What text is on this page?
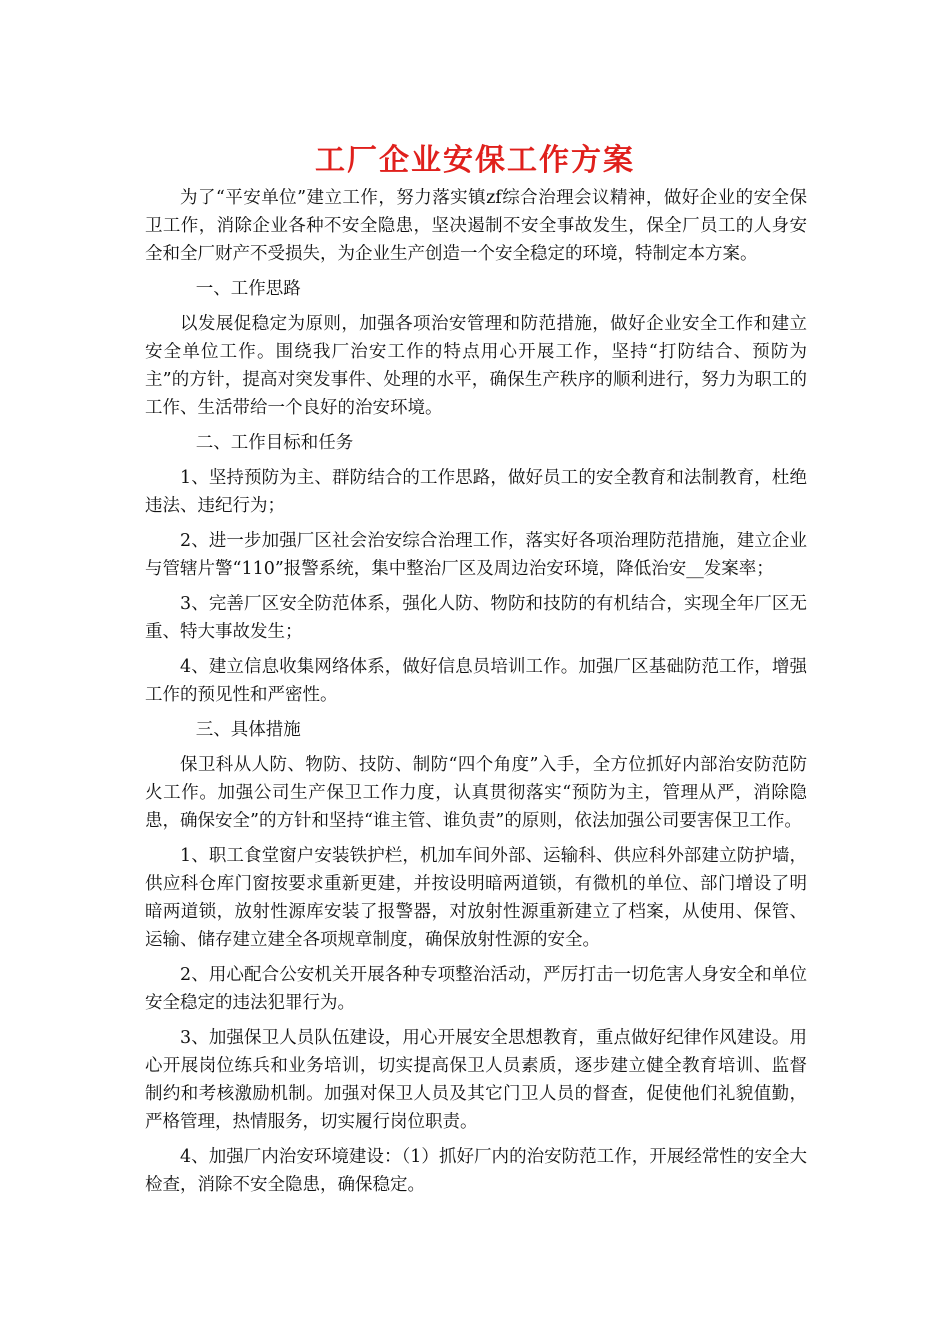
工厂企业安保工作方案

为了“平安单位”建立工作，努力落实镇zf综合治理会议精神，做好企业的安全保卫工作，消除企业各种不安全隐患，坚决遏制不安全事故发生，保全厂员工的人身安全和全厂财产不受损失，为企业生产创造一个安全稳定的环境，特制定本方案。

一、工作思路

以发展促稳定为原则，加强各项治安管理和防范措施，做好企业安全工作和建立安全单位工作。围绕我厂治安工作的特点用心开展工作，坚持“打防结合、预防为主”的方针，提高对突发事件、处理的水平，确保生产秩序的顺利进行，努力为职工的工作、生活带给一个良好的治安环境。

二、工作目标和任务

1、坚持预防为主、群防结合的工作思路，做好员工的安全教育和法制教育，杜绝违法、违纪行为；

2、进一步加强厂区社会治安综合治理工作，落实好各项治理防范措施，建立企业与管辖片警“110”报警系统，集中整治厂区及周边治安环境，降低治安__发案率；

3、完善厂区安全防范体系，强化人防、物防和技防的有机结合，实现全年厂区无重、特大事故发生；

4、建立信息收集网络体系，做好信息员培训工作。加强厂区基础防范工作，增强工作的预见性和严密性。

三、具体措施

保卫科从人防、物防、技防、制防“四个角度”入手，全方位抓好内部治安防范防火工作。加强公司生产保卫工作力度，认真贯彻落实“预防为主，管理从严，消除隐患，确保安全”的方针和坚持“谁主管、谁负责”的原则，依法加强公司要害保卫工作。

1、职工食堂窗户安装铁护栏，机加车间外部、运输科、供应科外部建立防护墙，供应科仓库门窗按要求重新更建，并按设明暗两道锁，有微机的单位、部门增设了明暗两道锁，放射性源库安装了报警器，对放射性源重新建立了档案，从使用、保管、运输、储存建立建全各项规章制度，确保放射性源的安全。

2、用心配合公安机关开展各种专项整治活动，严厉打击一切危害人身安全和单位安全稳定的违法犯罪行为。

3、加强保卫人员队伍建设，用心开展安全思想教育，重点做好纪律作风建设。用心开展岗位练兵和业务培训，切实提高保卫人员素质，逐步建立健全教育培训、监督制约和考核激励机制。加强对保卫人员及其它门卫人员的督查，促使他们礼貌值勤，严格管理，热情服务，切实履行岗位职责。

4、加强厂内治安环境建设：（1）抓好厂内的治安防范工作，开展经常性的安全大检查，消除不安全隐患，确保稳定。
